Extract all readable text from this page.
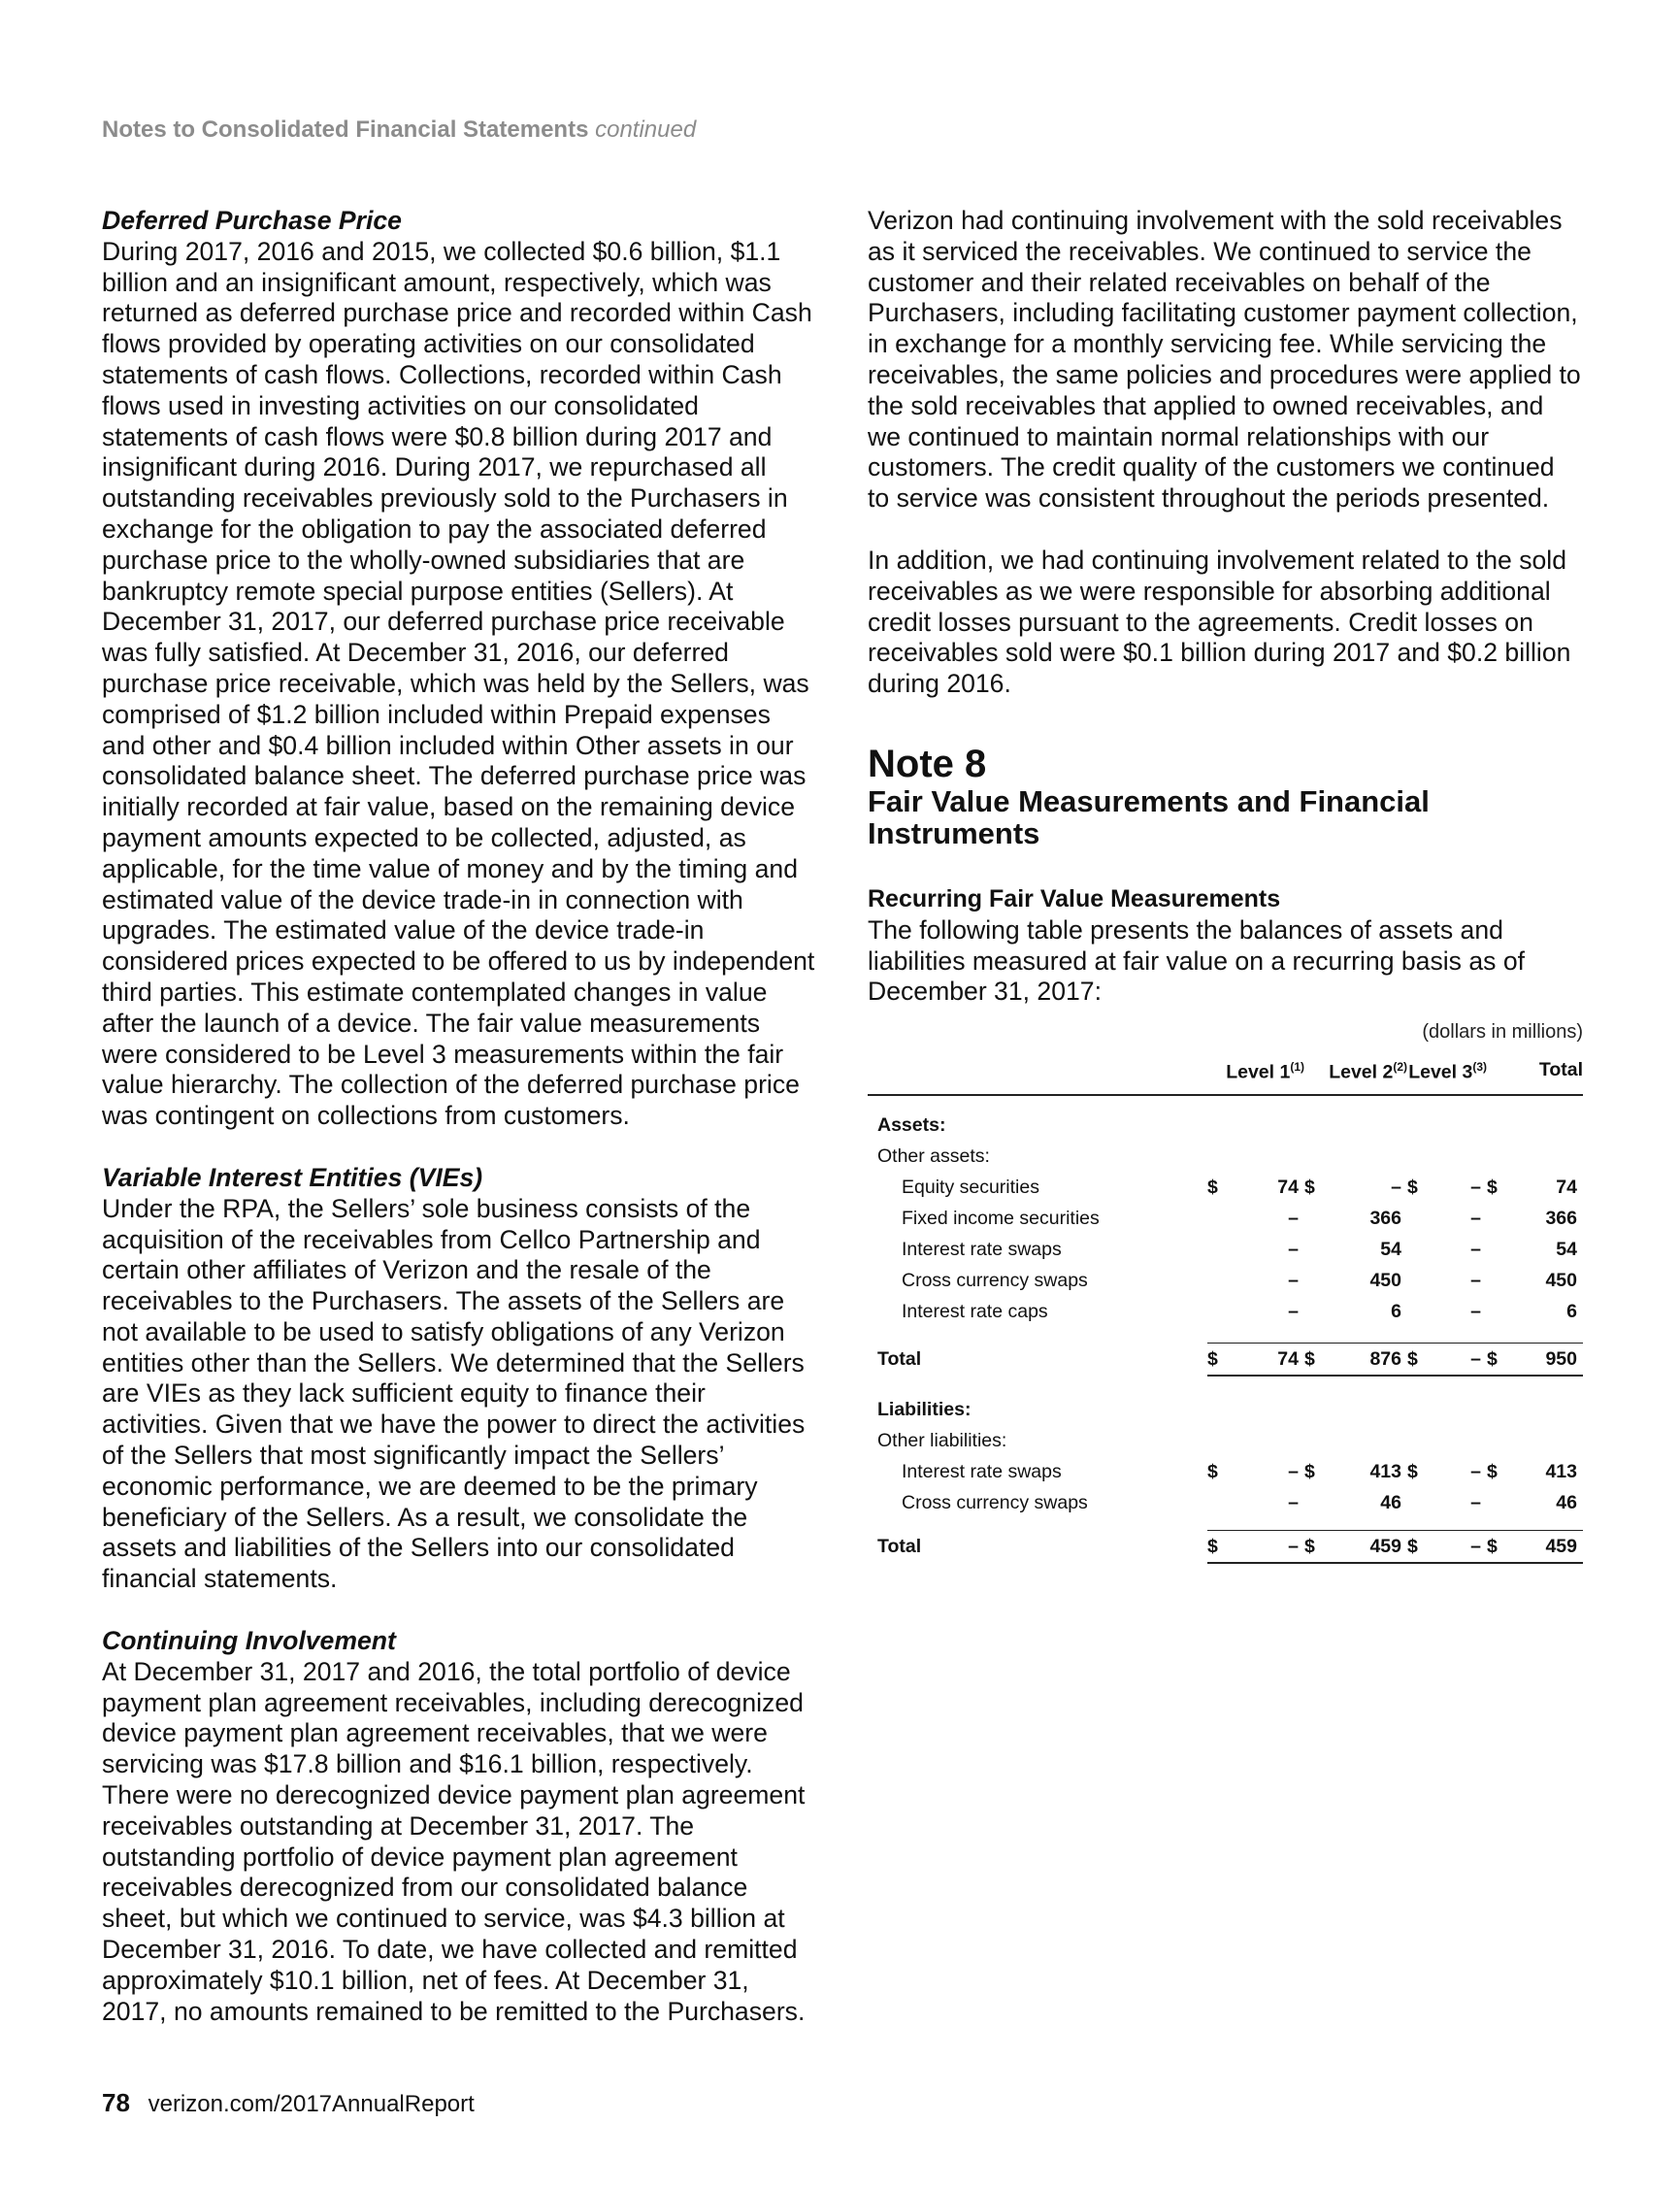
Notes to Consolidated Financial Statements continued

Deferred Purchase Price

During 2017, 2016 and 2015, we collected $0.6 billion, $1.1 billion and an insignificant amount, respectively, which was returned as deferred purchase price and recorded within Cash flows provided by operating activities on our consolidated statements of cash flows. Collections, recorded within Cash flows used in investing activities on our consolidated statements of cash flows were $0.8 billion during 2017 and insignificant during 2016. During 2017, we repurchased all outstanding receivables previously sold to the Purchasers in exchange for the obligation to pay the associated deferred purchase price to the wholly-owned subsidiaries that are bankruptcy remote special purpose entities (Sellers). At December 31, 2017, our deferred purchase price receivable was fully satisfied. At December 31, 2016, our deferred purchase price receivable, which was held by the Sellers, was comprised of $1.2 billion included within Prepaid expenses and other and $0.4 billion included within Other assets in our consolidated balance sheet. The deferred purchase price was initially recorded at fair value, based on the remaining device payment amounts expected to be collected, adjusted, as applicable, for the time value of money and by the timing and estimated value of the device trade-in in connection with upgrades. The estimated value of the device trade-in considered prices expected to be offered to us by independent third parties. This estimate contemplated changes in value after the launch of a device. The fair value measurements were considered to be Level 3 measurements within the fair value hierarchy. The collection of the deferred purchase price was contingent on collections from customers.

Variable Interest Entities (VIEs)

Under the RPA, the Sellers’ sole business consists of the acquisition of the receivables from Cellco Partnership and certain other affiliates of Verizon and the resale of the receivables to the Purchasers. The assets of the Sellers are not available to be used to satisfy obligations of any Verizon entities other than the Sellers. We determined that the Sellers are VIEs as they lack sufficient equity to finance their activities. Given that we have the power to direct the activities of the Sellers that most significantly impact the Sellers’ economic performance, we are deemed to be the primary beneficiary of the Sellers. As a result, we consolidate the assets and liabilities of the Sellers into our consolidated financial statements.

Continuing Involvement

At December 31, 2017 and 2016, the total portfolio of device payment plan agreement receivables, including derecognized device payment plan agreement receivables, that we were servicing was $17.8 billion and $16.1 billion, respectively. There were no derecognized device payment plan agreement receivables outstanding at December 31, 2017. The outstanding portfolio of device payment plan agreement receivables derecognized from our consolidated balance sheet, but which we continued to service, was $4.3 billion at December 31, 2016. To date, we have collected and remitted approximately $10.1 billion, net of fees. At December 31, 2017, no amounts remained to be remitted to the Purchasers.

Verizon had continuing involvement with the sold receivables as it serviced the receivables. We continued to service the customer and their related receivables on behalf of the Purchasers, including facilitating customer payment collection, in exchange for a monthly servicing fee. While servicing the receivables, the same policies and procedures were applied to the sold receivables that applied to owned receivables, and we continued to maintain normal relationships with our customers. The credit quality of the customers we continued to service was consistent throughout the periods presented.

In addition, we had continuing involvement related to the sold receivables as we were responsible for absorbing additional credit losses pursuant to the agreements. Credit losses on receivables sold were $0.1 billion during 2017 and $0.2 billion during 2016.

Note 8
Fair Value Measurements and Financial Instruments

Recurring Fair Value Measurements

The following table presents the balances of assets and liabilities measured at fair value on a recurring basis as of December 31, 2017:

(dollars in millions)
	Level 1$^{(1)}$		Level 2$^{(2)}$		Level 3$^{(3)}$		Total	

Assets:								
Other assets:								
Equity securities	$	74	$	–	$	–	$	74
Fixed income securities		–		366		–		366
Interest rate swaps		–		54		–		54
Cross currency swaps		–		450		–		450
Interest rate caps		–		6		–		6

Total	$	74	$	876	$	–	$	950

Liabilities:								
Other liabilities:								
Interest rate swaps	$	–	$	413	$	–	$	413
Cross currency swaps		–		46		–		46

Total	$	–	$	459	$	–	$	459
78 verizon.com/2017AnnualReport
